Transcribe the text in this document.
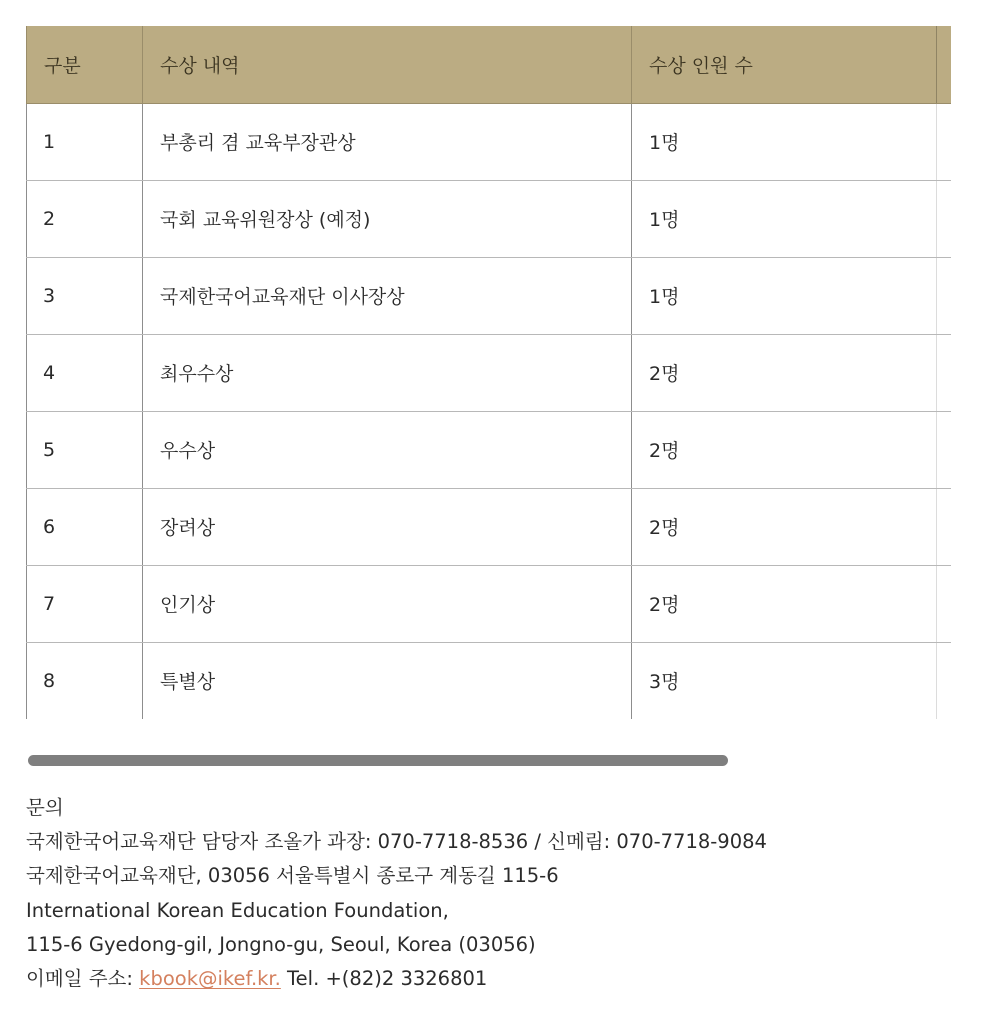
구분	수상 내역	수상 인원 수	
1	부총리 겸 교육부장관상	1명	
2	국회 교육위원장상 (예정)	1명	
3	국제한국어교육재단 이사장상	1명	
4	최우수상	2명	
5	우수상	2명	
6	장려상	2명	
7	인기상	2명	
8	특별상	3명	
문의
국제한국어교육재단 담당자 조올가 과장: 070-7718-8536 / 신메림: 070-7718-9084
국제한국어교육재단, 03056 서울특별시 종로구 계동길 115-6
International Korean Education Foundation,
115-6 Gyedong-gil, Jongno-gu, Seoul, Korea (03056)
이메일 주소: kbook@ikef.kr. Tel. +(82)2 3326801
